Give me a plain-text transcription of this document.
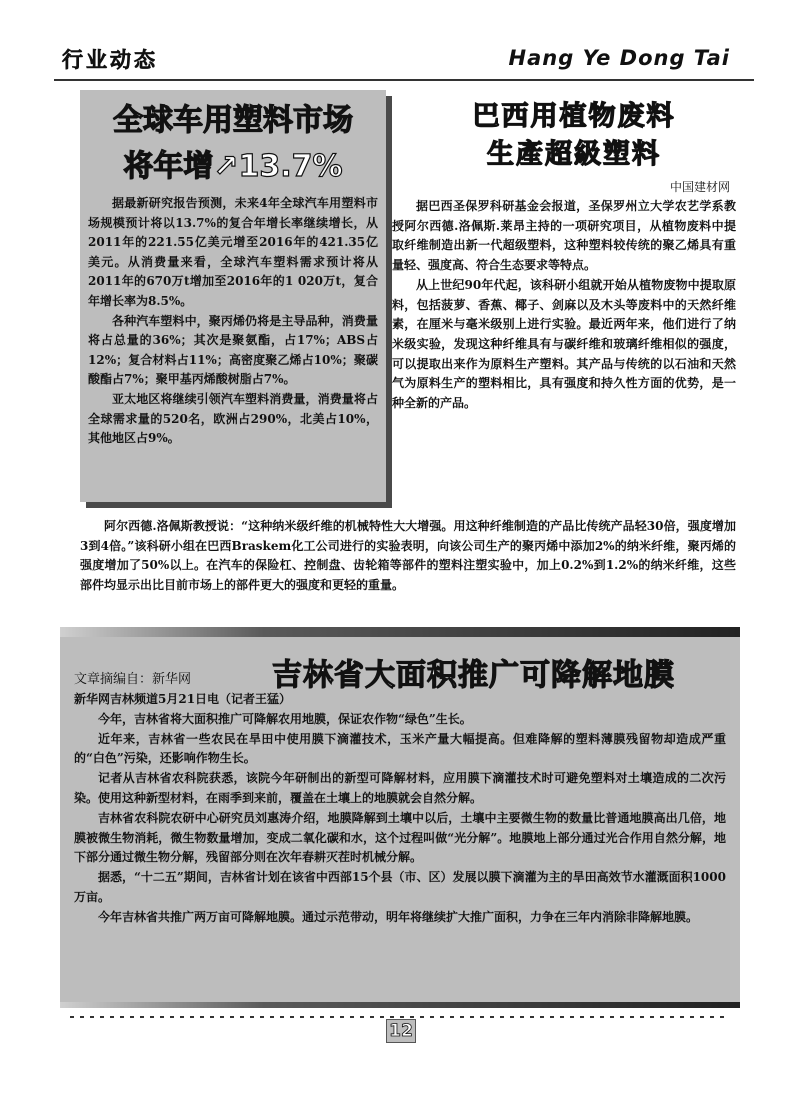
行业动态	Hang Ye Dong Tai
全球车用塑料市场
将年增↗13.7%

据最新研究报告预测，未来4年全球汽车用塑料市场规模预计将以13.7%的复合年增长率继续增长，从2011年的221.55亿美元增至2016年的421.35亿美元。从消费量来看，全球汽车塑料需求预计将从2011年的670万t增加至2016年的1 020万t，复合年增长率为8.5%。

各种汽车塑料中，聚丙烯仍将是主导品种，消费量将占总量的36%；其次是聚氨酯，占17%；ABS占12%；复合材料占11%；高密度聚乙烯占10%；聚碳酸酯占7%；聚甲基丙烯酸树脂占7%。

亚太地区将继续引领汽车塑料消费量，消费量将占全球需求量的520名，欧洲占290%，北美占10%，其他地区占9%。

巴西用植物废料
生產超級塑料
中国建材网

据巴西圣保罗科研基金会报道，圣保罗州立大学农艺学系教授阿尔西德.洛佩斯.莱昂主持的一项研究项目，从植物废料中提取纤维制造出新一代超级塑料，这种塑料较传统的聚乙烯具有重量轻、强度高、符合生态要求等特点。

从上世纪90年代起，该科研小组就开始从植物废物中提取原料，包括菠萝、香蕉、椰子、剑麻以及木头等废料中的天然纤维素，在厘米与毫米级别上进行实验。最近两年来，他们进行了纳米级实验，发现这种纤维具有与碳纤维和玻璃纤维相似的强度，可以提取出来作为原料生产塑料。其产品与传统的以石油和天然气为原料生产的塑料相比，具有强度和持久性方面的优势，是一种全新的产品。

阿尔西德.洛佩斯教授说：“这种纳米级纤维的机械特性大大增强。用这种纤维制造的产品比传统产品轻30倍，强度增加3到4倍。”该科研小组在巴西Braskem化工公司进行的实验表明，向该公司生产的聚丙烯中添加2%的纳米纤维，聚丙烯的强度增加了50%以上。在汽车的保险杠、控制盘、齿轮箱等部件的塑料注塑实验中，加上0.2%到1.2%的纳米纤维，这些部件均显示出比目前市场上的部件更大的强度和更轻的重量。
文章摘编自：新华网	吉林省大面积推广可降解地膜

新华网吉林频道5月21日电（记者王猛）

今年，吉林省将大面积推广可降解农用地膜，保证农作物“绿色”生长。

近年来，吉林省一些农民在旱田中使用膜下滴灌技术，玉米产量大幅提高。但难降解的塑料薄膜残留物却造成严重的“白色”污染，还影响作物生长。

记者从吉林省农科院获悉，该院今年研制出的新型可降解材料，应用膜下滴灌技术时可避免塑料对土壤造成的二次污染。使用这种新型材料，在雨季到来前，覆盖在土壤上的地膜就会自然分解。

吉林省农科院农研中心研究员刘惠涛介绍，地膜降解到土壤中以后，土壤中主要微生物的数量比普通地膜高出几倍，地膜被微生物消耗，微生物数量增加，变成二氧化碳和水，这个过程叫做“光分解”。地膜地上部分通过光合作用自然分解，地下部分通过微生物分解，残留部分则在次年春耕灭茬时机械分解。

据悉，“十二五”期间，吉林省计划在该省中西部15个县（市、区）发展以膜下滴灌为主的旱田高效节水灌溉面积1000万亩。

今年吉林省共推广两万亩可降解地膜。通过示范带动，明年将继续扩大推广面积，力争在三年内消除非降解地膜。

12
